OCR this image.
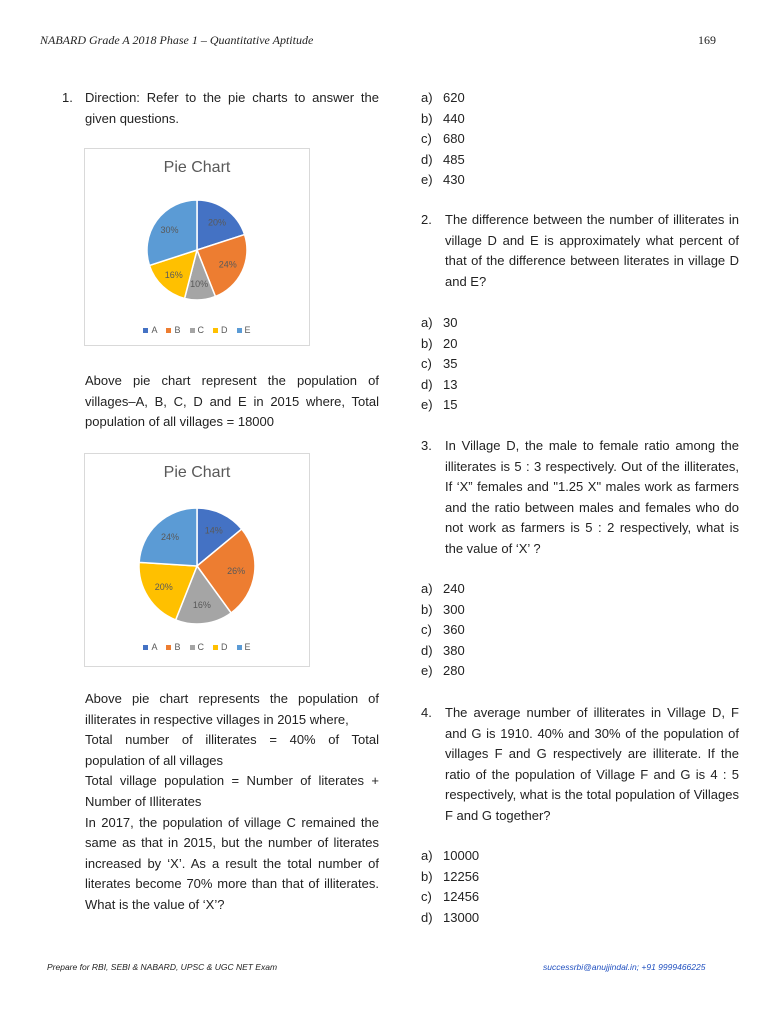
NABARD Grade A 2018 Phase 1 – Quantitative Aptitude	169
1. Direction: Refer to the pie charts to answer the given questions.
Pie Chart
20%
24%
10%
16%
30%
A B C D E
Above pie chart represent the population of villages–A, B, C, D and E in 2015 where, Total population of all villages = 18000
Pie Chart
14%
26%
16%
20%
24%
A B C D E
Above pie chart represents the population of illiterates in respective villages in 2015 where,
Total number of illiterates = 40% of Total population of all villages
Total village population = Number of literates + Number of Illiterates
In 2017, the population of village C remained the same as that in 2015, but the number of literates increased by ‘X’. As a result the total number of literates become 70% more than that of illiterates. What is the value of ‘X’?
a) 620
b) 440
c) 680
d) 485
e) 430
2. The difference between the number of illiterates in village D and E is approximately what percent of that of the difference between literates in village D and E?
a) 30
b) 20
c) 35
d) 13
e) 15
3. In Village D, the male to female ratio among the illiterates is 5 : 3 respectively. Out of the illiterates, If ‘X” females and "1.25 X" males work as farmers and the ratio between males and females who do not work as farmers is 5 : 2 respectively, what is the value of ‘X’ ?
a) 240
b) 300
c) 360
d) 380
e) 280
4. The average number of illiterates in Village D, F and G is 1910. 40% and 30% of the population of villages F and G respectively are illiterate. If the ratio of the population of Village F and G is 4 : 5 respectively, what is the total population of Villages F and G together?
a) 10000
b) 12256
c) 12456
d) 13000
Prepare for RBI, SEBI & NABARD, UPSC & UGC NET Exam	successrbi@anujjindal.in; +91 9999466225
